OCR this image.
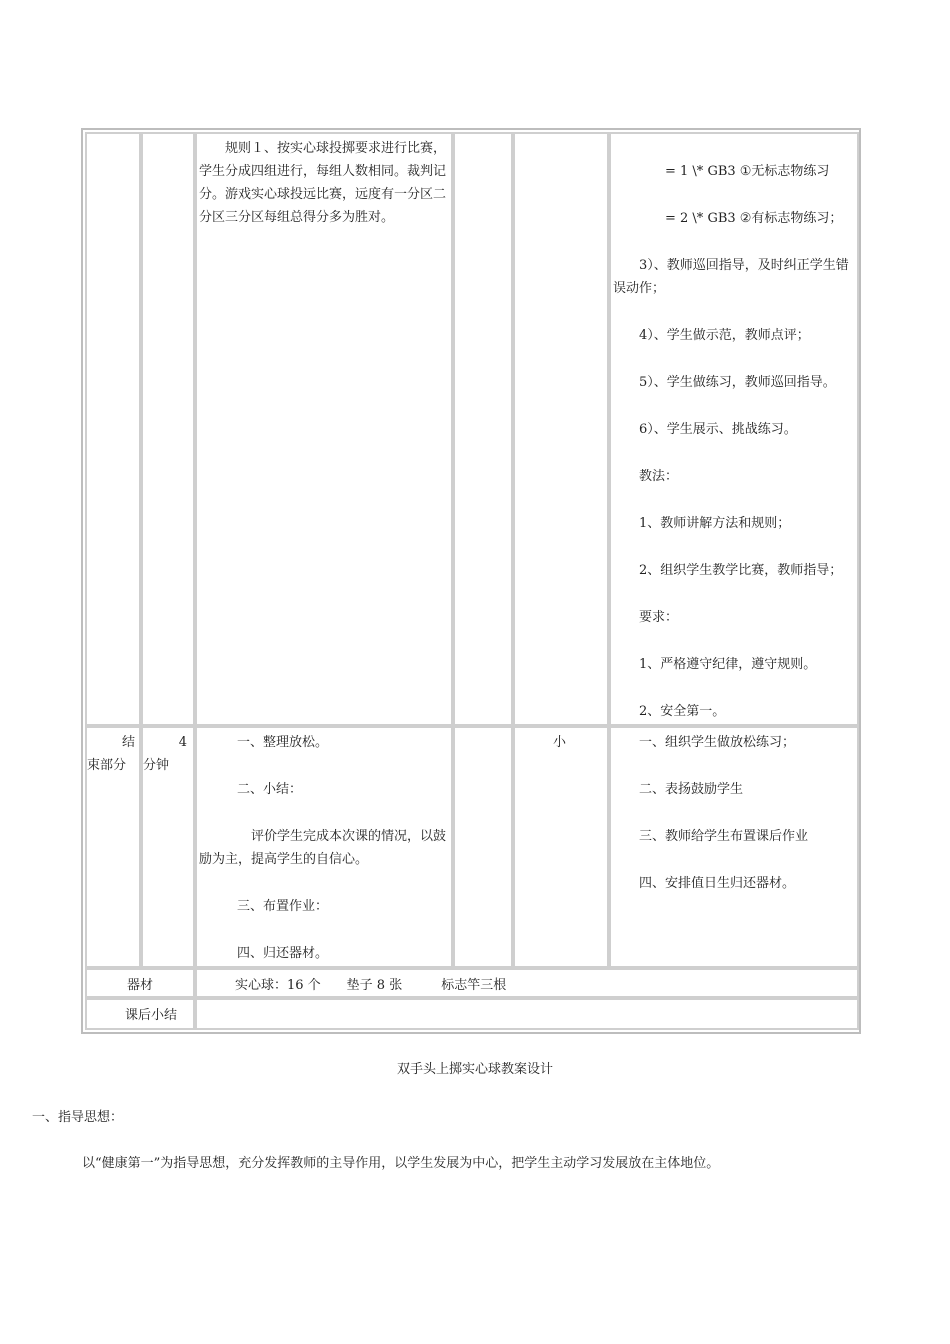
规则１、按实心球投掷要求进行比赛，学生分成四组进行，每组人数相同。裁判记分。游戏实心球投远比赛，远度有一分区二分区三分区每组总得分多为胜对。

= 1 \* GB3 ①无标志物练习

= 2 \* GB3 ②有标志物练习；

3）、教师巡回指导，及时纠正学生错误动作；

4）、学生做示范，教师点评；

5）、学生做练习，教师巡回指导。

6）、学生展示、挑战练习。

教法：

1、教师讲解方法和规则；

2、组织学生教学比赛，教师指导；

要求：

1、严格遵守纪律，遵守规则。

2、安全第一。

结

束部分

4

分钟

一、整理放松。

二、小结：

评价学生完成本次课的情况，以鼓励为主，提高学生的自信心。

三、布置作业：

四、归还器材。

小	一、组织学生做放松练习；

二、表扬鼓励学生

三、教师给学生布置课后作业

四、安排值日生归还器材。

器材	实心球：16 个　　垫子 8 张　　　标志竿三根

课后小结

双手头上掷实心球教案设计
一、指导思想：
以“健康第一”为指导思想，充分发挥教师的主导作用，以学生发展为中心，把学生主动学习发展放在主体地位。
